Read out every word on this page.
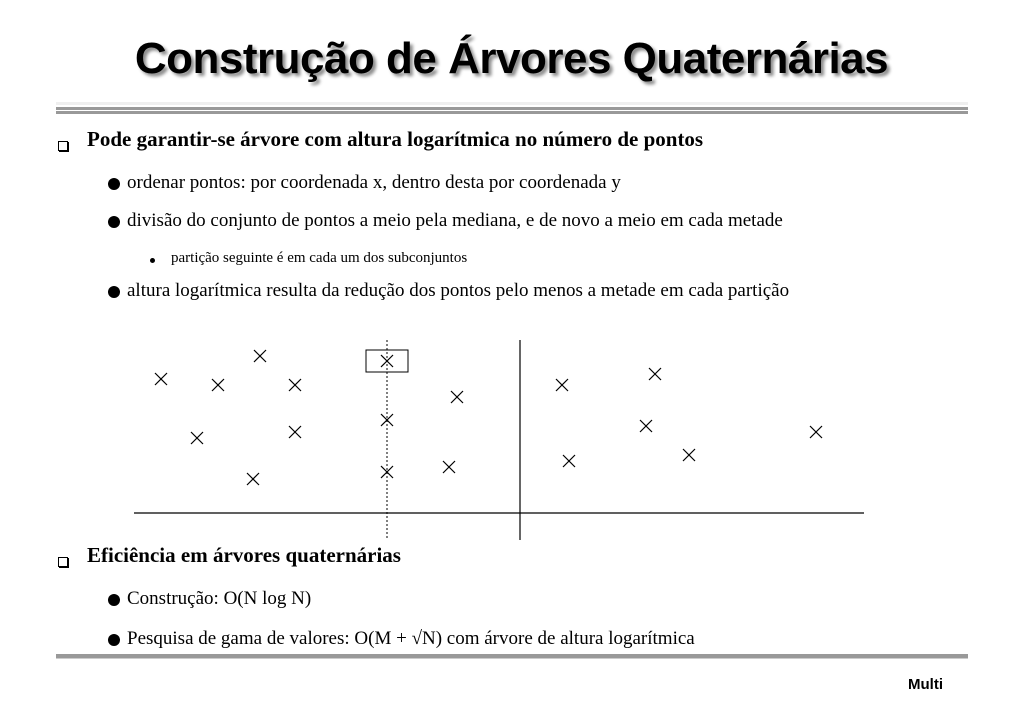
Construção de Árvores Quaternárias
Pode garantir-se árvore com altura logarítmica no número de pontos
ordenar pontos: por coordenada x, dentro desta por coordenada y
divisão do conjunto de pontos a meio pela mediana, e de novo a meio em cada metade
partição seguinte é em cada um dos subconjuntos
altura logarítmica resulta da redução dos pontos pelo menos a metade em cada partição
Eficiência em árvores quaternárias
Construção: O(N log N)
Pesquisa de gama de valores: O(M + √N) com árvore de altura logarítmica
Multi
